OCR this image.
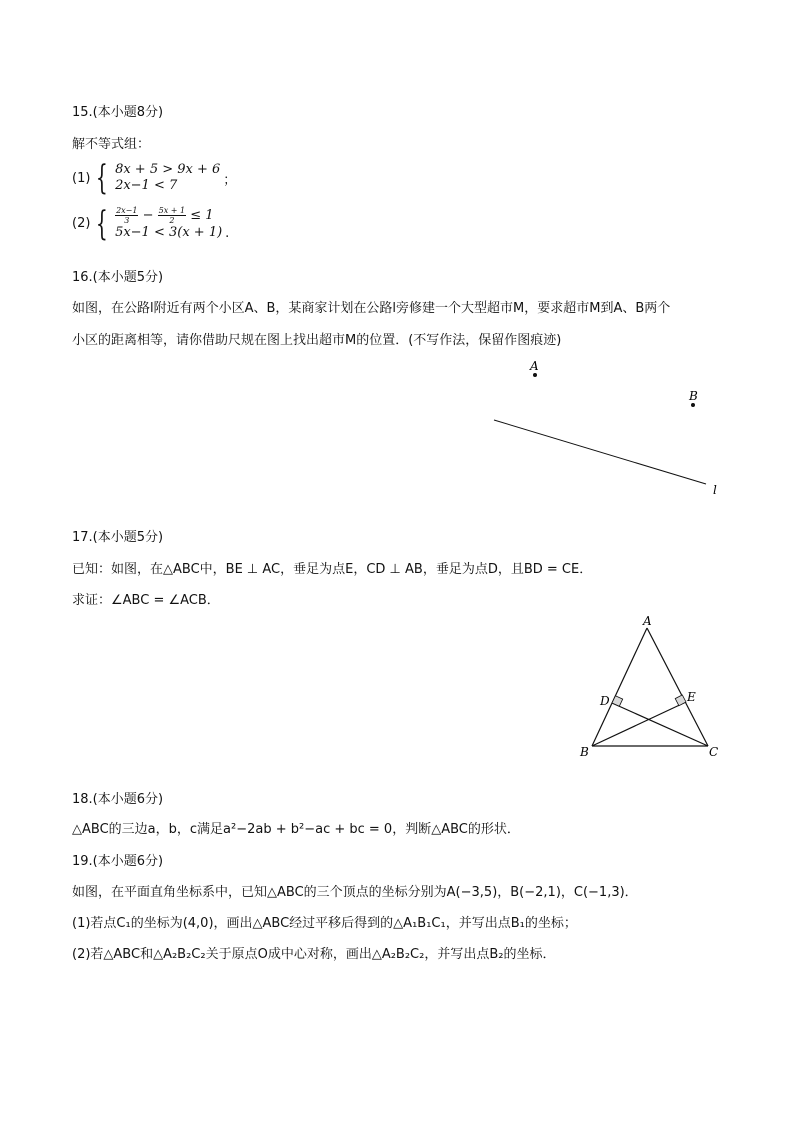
15.(本小题8分)
解不等式组：
(1) { 8x + 5 > 9x + 6
2x−1 < 7	；
(2) { $\frac{2x-1}{3} - \frac{5x + 1}{2} \le 1$
5x−1 < 3(x + 1) .
16.(本小题5分)
如图，在公路l附近有两个小区A、B，某商家计划在公路l旁修建一个大型超市M，要求超市M到A、B两个
小区的距离相等，请你借助尺规在图上找出超市M的位置．(不写作法，保留作图痕迹)
A
B
l
17.(本小题5分)
已知：如图，在△ABC中，BE ⊥ AC，垂足为点E，CD ⊥ AB，垂足为点D，且BD = CE．
求证：∠ABC = ∠ACB．
A
B	C
D	E
18.(本小题6分)
△ABC的三边a，b，c满足a²−2ab + b²−ac + bc = 0，判断△ABC的形状．
19.(本小题6分)
如图，在平面直角坐标系中，已知△ABC的三个顶点的坐标分别为A(−3,5)，B(−2,1)，C(−1,3)．
(1)若点C₁的坐标为(4,0)，画出△ABC经过平移后得到的△A₁B₁C₁，并写出点B₁的坐标；
(2)若△ABC和△A₂B₂C₂关于原点O成中心对称，画出△A₂B₂C₂，并写出点B₂的坐标．
